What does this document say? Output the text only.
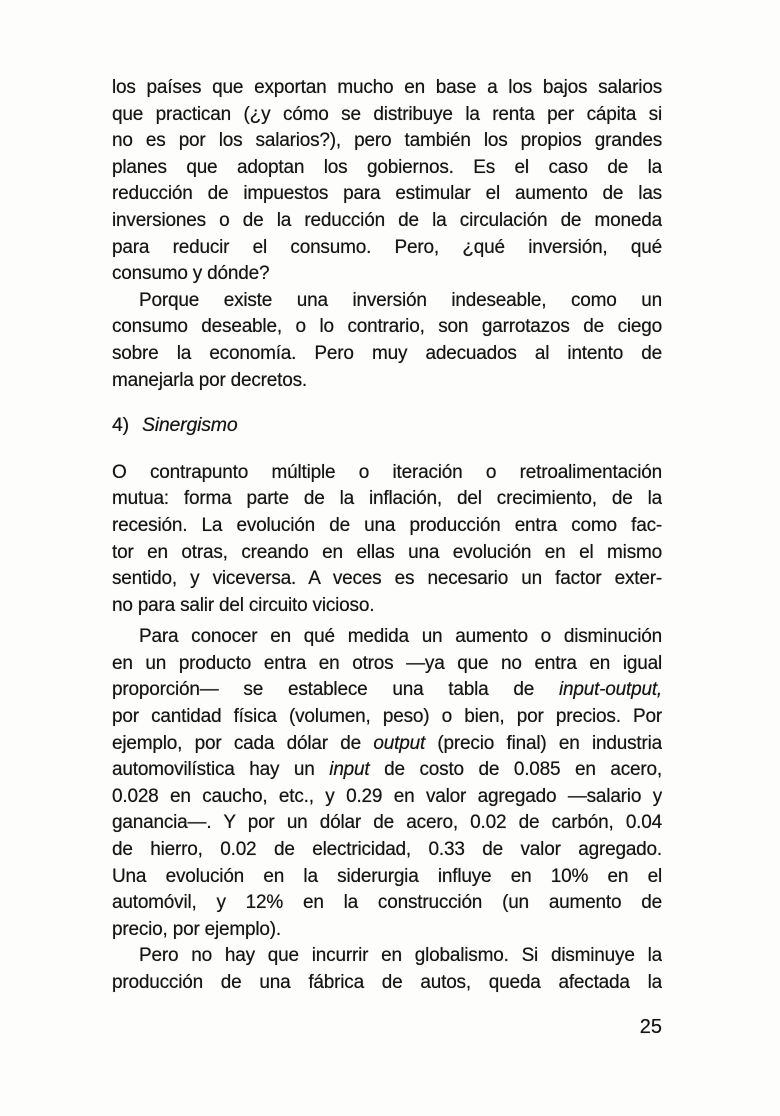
los países que exportan mucho en base a los bajos salarios
que practican (¿y cómo se distribuye la renta per cápita si
no es por los salarios?), pero también los propios grandes
planes que adoptan los gobiernos. Es el caso de la
reducción de impuestos para estimular el aumento de las
inversiones o de la reducción de la circulación de moneda
para reducir el consumo. Pero, ¿qué inversión, qué
consumo y dónde?
Porque existe una inversión indeseable, como un
consumo deseable, o lo contrario, son garrotazos de ciego
sobre la economía. Pero muy adecuados al intento de
manejarla por decretos.
4) Sinergismo
O contrapunto múltiple o iteración o retroalimentación
mutua: forma parte de la inflación, del crecimiento, de la
recesión. La evolución de una producción entra como fac-
tor en otras, creando en ellas una evolución en el mismo
sentido, y viceversa. A veces es necesario un factor exter-
no para salir del circuito vicioso.
Para conocer en qué medida un aumento o disminución
en un producto entra en otros —ya que no entra en igual
proporción— se establece una tabla de input-output,
por cantidad física (volumen, peso) o bien, por precios. Por
ejemplo, por cada dólar de output (precio final) en industria
automovilística hay un input de costo de 0.085 en acero,
0.028 en caucho, etc., y 0.29 en valor agregado —salario y
ganancia—. Y por un dólar de acero, 0.02 de carbón, 0.04
de hierro, 0.02 de electricidad, 0.33 de valor agregado.
Una evolución en la siderurgia influye en 10% en el
automóvil, y 12% en la construcción (un aumento de
precio, por ejemplo).
Pero no hay que incurrir en globalismo. Si disminuye la
producción de una fábrica de autos, queda afectada la
25
